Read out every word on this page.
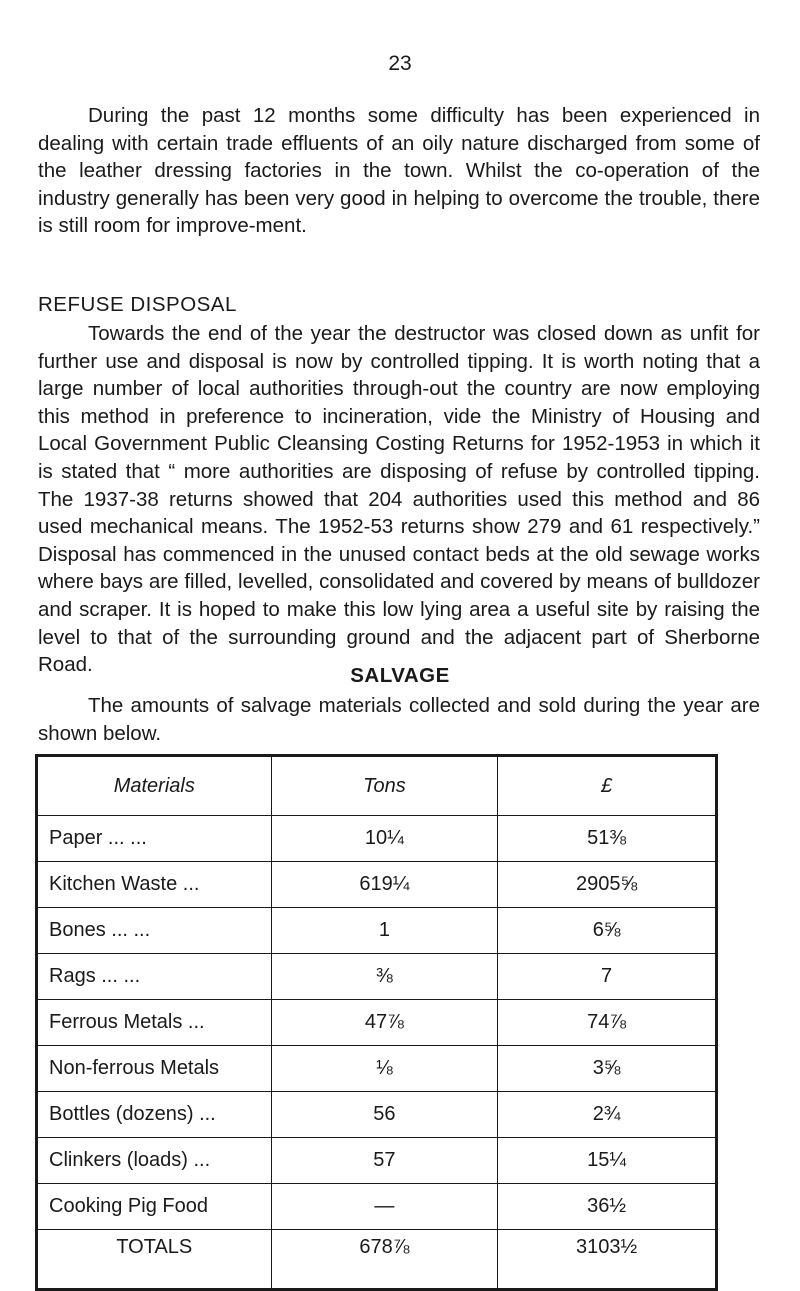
23

During the past 12 months some difficulty has been experienced in dealing with certain trade effluents of an oily nature discharged from some of the leather dressing factories in the town. Whilst the co-operation of the industry generally has been very good in helping to overcome the trouble, there is still room for improve-ment.

REFUSE DISPOSAL

Towards the end of the year the destructor was closed down as unfit for further use and disposal is now by controlled tipping. It is worth noting that a large number of local authorities through-out the country are now employing this method in preference to incineration, vide the Ministry of Housing and Local Government Public Cleansing Costing Returns for 1952-1953 in which it is stated that “ more authorities are disposing of refuse by controlled tipping. The 1937-38 returns showed that 204 authorities used this method and 86 used mechanical means. The 1952-53 returns show 279 and 61 respectively.” Disposal has commenced in the unused contact beds at the old sewage works where bays are filled, levelled, consolidated and covered by means of bulldozer and scraper. It is hoped to make this low lying area a useful site by raising the level to that of the surrounding ground and the adjacent part of Sherborne Road.	SALVAGE

The amounts of salvage materials collected and sold during the year are shown below.

Materials	Tons	£
Paper ... ...	10¼	51⅜
Kitchen Waste ...	619¼	2905⅝
Bones ... ...	1	6⅝
Rags ... ...	⅜	7
Ferrous Metals ...	47⅞	74⅞
Non-ferrous Metals	⅛	3⅝
Bottles (dozens) ...	56	2¾
Clinkers (loads) ...	57	15¼
Cooking Pig Food	—	36½
TOTALS	678⅞	3103½
